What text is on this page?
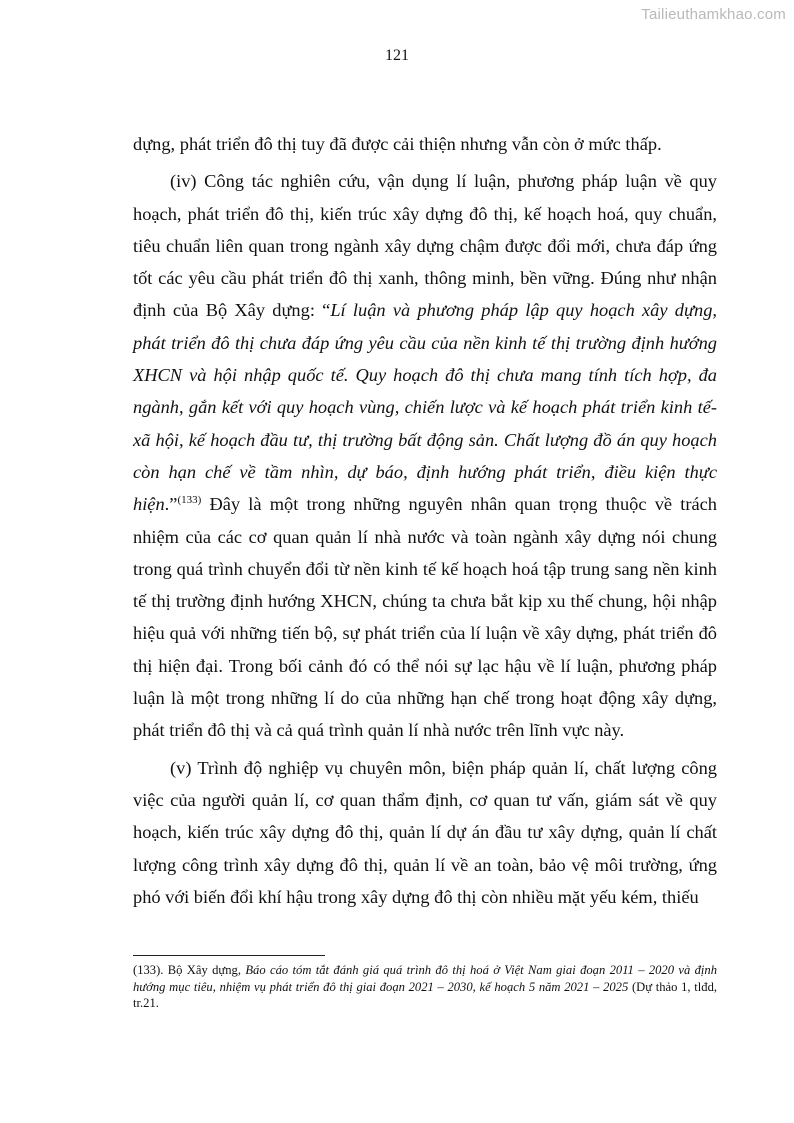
Tailieuthamkhao.com
121

dựng, phát triển đô thị tuy đã được cải thiện nhưng vẫn còn ở mức thấp.

(iv) Công tác nghiên cứu, vận dụng lí luận, phương pháp luận về quy hoạch, phát triển đô thị, kiến trúc xây dựng đô thị, kế hoạch hoá, quy chuẩn, tiêu chuẩn liên quan trong ngành xây dựng chậm được đổi mới, chưa đáp ứng tốt các yêu cầu phát triển đô thị xanh, thông minh, bền vững. Đúng như nhận định của Bộ Xây dựng: “Lí luận và phương pháp lập quy hoạch xây dựng, phát triển đô thị chưa đáp ứng yêu cầu của nền kinh tế thị trường định hướng XHCN và hội nhập quốc tế. Quy hoạch đô thị chưa mang tính tích hợp, đa ngành, gắn kết với quy hoạch vùng, chiến lược và kế hoạch phát triển kinh tế-xã hội, kế hoạch đầu tư, thị trường bất động sản. Chất lượng đồ án quy hoạch còn hạn chế về tầm nhìn, dự báo, định hướng phát triển, điều kiện thực hiện.”$^{(133)}$ Đây là một trong những nguyên nhân quan trọng thuộc về trách nhiệm của các cơ quan quản lí nhà nước và toàn ngành xây dựng nói chung trong quá trình chuyển đổi từ nền kinh tế kế hoạch hoá tập trung sang nền kinh tế thị trường định hướng XHCN, chúng ta chưa bắt kịp xu thế chung, hội nhập hiệu quả với những tiến bộ, sự phát triển của lí luận về xây dựng, phát triển đô thị hiện đại. Trong bối cảnh đó có thể nói sự lạc hậu về lí luận, phương pháp luận là một trong những lí do của những hạn chế trong hoạt động xây dựng, phát triển đô thị và cả quá trình quản lí nhà nước trên lĩnh vực này.

(v) Trình độ nghiệp vụ chuyên môn, biện pháp quản lí, chất lượng công việc của người quản lí, cơ quan thẩm định, cơ quan tư vấn, giám sát về quy hoạch, kiến trúc xây dựng đô thị, quản lí dự án đầu tư xây dựng, quản lí chất lượng công trình xây dựng đô thị, quản lí về an toàn, bảo vệ môi trường, ứng phó với biến đổi khí hậu trong xây dựng đô thị còn nhiều mặt yếu kém, thiếu

(133). Bộ Xây dựng, Báo cáo tóm tắt đánh giá quá trình đô thị hoá ở Việt Nam giai đoạn 2011 – 2020 và định hướng mục tiêu, nhiệm vụ phát triển đô thị giai đoạn 2021 – 2030, kế hoạch 5 năm 2021 – 2025 (Dự thảo 1, tlđd, tr.21.
